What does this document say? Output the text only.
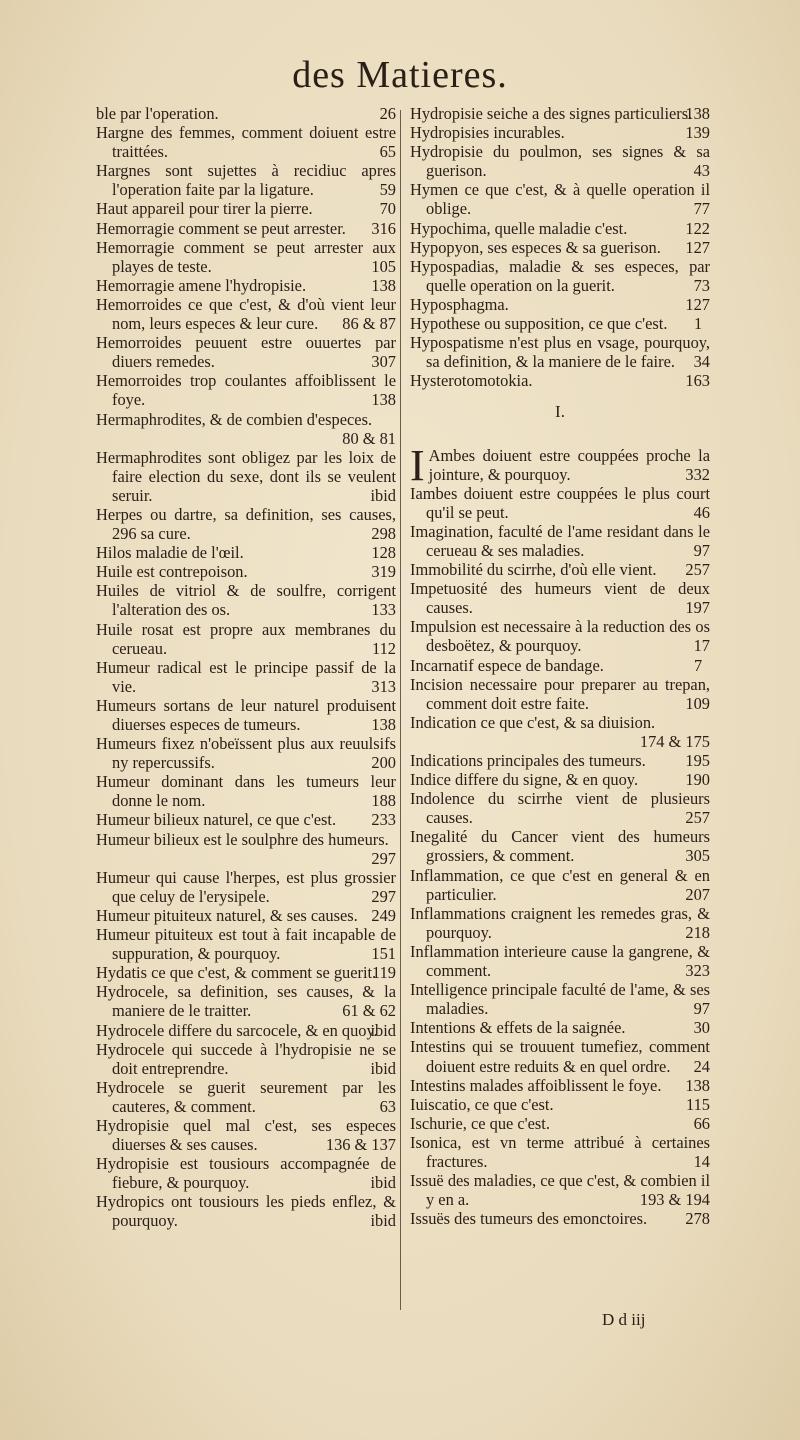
des Matieres.

ble par l'operation.	26

Hargne des femmes, comment doiuent estre traittées.	65

Hargnes sont sujettes à recidiuc apres l'operation faite par la ligature.	59

Haut appareil pour tirer la pierre.	70

Hemorragie comment se peut arrester. 316

Hemorragie comment se peut arrester aux playes de teste.	105

Hemorragie amene l'hydropisie.	138

Hemorroides ce que c'est, & d'où vient leur nom, leurs especes & leur cure. 86 & 87

Hemorroides peuuent estre ouuertes par diuers remedes.	307

Hemorroides trop coulantes affoiblissent le foye.	138

Hermaphrodites, & de combien d'especes.
80 & 81

Hermaphrodites sont obligez par les loix de faire election du sexe, dont ils se veulent seruir.	ibid

Herpes ou dartre, sa definition, ses causes, 296 sa cure.	298

Hilos maladie de l'œil.	128

Huile est contrepoison.	319

Huiles de vitriol & de soulfre, corrigent l'alteration des os.	133

Huile rosat est propre aux membranes du cerueau.	112

Humeur radical est le principe passif de la vie.	313

Humeurs sortans de leur naturel produisent diuerses especes de tumeurs.	138

Humeurs fixez n'obeïssent plus aux reuulsifs ny repercussifs.	200

Humeur dominant dans les tumeurs leur donne le nom.	188

Humeur bilieux naturel, ce que c'est. 233

Humeur bilieux est le soulphre des humeurs.
297

Humeur qui cause l'herpes, est plus grossier que celuy de l'erysipele.	297

Humeur pituiteux naturel, & ses causes. 249

Humeur pituiteux est tout à fait incapable de suppuration, & pourquoy.	151

Hydatis ce que c'est, & comment se guerit.
119

Hydrocele, sa definition, ses causes, & la maniere de le traitter.	61 & 62

Hydrocele differe du sarcocele, & en quoy.
ibid

Hydrocele qui succede à l'hydropisie ne se doit entreprendre.	ibid

Hydrocele se guerit seurement par les cauteres, & comment.	63

Hydropisie quel mal c'est, ses especes diuerses & ses causes.	136 & 137

Hydropisie est tousiours accompagnée de fiebure, & pourquoy.	ibid

Hydropics ont tousiours les pieds enflez, & pourquoy.	ibid

Hydropisie seiche a des signes particuliers.
138

Hydropisies incurables.	139

Hydropisie du poulmon, ses signes & sa guerison.	43

Hymen ce que c'est, & à quelle operation il oblige.	77

Hypochima, quelle maladie c'est.	122

Hypopyon, ses especes & sa guerison. 127

Hypospadias, maladie & ses especes, par quelle operation on la guerit.	73

Hyposphagma.	127

Hypothese ou supposition, ce que c'est. 1

Hypospatisme n'est plus en vsage, pourquoy, sa definition, & la maniere de le faire. 34

Hysterotomotokia.	163

I.

I Ambes doiuent estre couppées proche la jointure, & pourquoy.	332

Iambes doiuent estre couppées le plus court qu'il se peut.	46

Imagination, faculté de l'ame residant dans le cerueau & ses maladies.	97

Immobilité du scirrhe, d'où elle vient. 257

Impetuosité des humeurs vient de deux causes.	197

Impulsion est necessaire à la reduction des os desboëtez, & pourquoy.	17

Incarnatif espece de bandage.	7

Incision necessaire pour preparer au trepan, comment doit estre faite.	109

Indication ce que c'est, & sa diuision.
174 & 175

Indications principales des tumeurs. 195

Indice differe du signe, & en quoy.	190

Indolence du scirrhe vient de plusieurs causes.	257

Inegalité du Cancer vient des humeurs grossiers, & comment.	305

Inflammation, ce que c'est en general & en particulier.	207

Inflammations craignent les remedes gras, & pourquoy.	218

Inflammation interieure cause la gangrene, & comment.	323

Intelligence principale faculté de l'ame, & ses maladies.	97

Intentions & effets de la saignée.	30

Intestins qui se trouuent tumefiez, comment doiuent estre reduits & en quel ordre. 24

Intestins malades affoiblissent le foye. 138

Iuiscatio, ce que c'est.	115

Ischurie, ce que c'est.	66

Isonica, est vn terme attribué à certaines fractures.	14

Issuë des maladies, ce que c'est, & combien il y en a.	193 & 194

Issuës des tumeurs des emonctoires. 278

D d iij
